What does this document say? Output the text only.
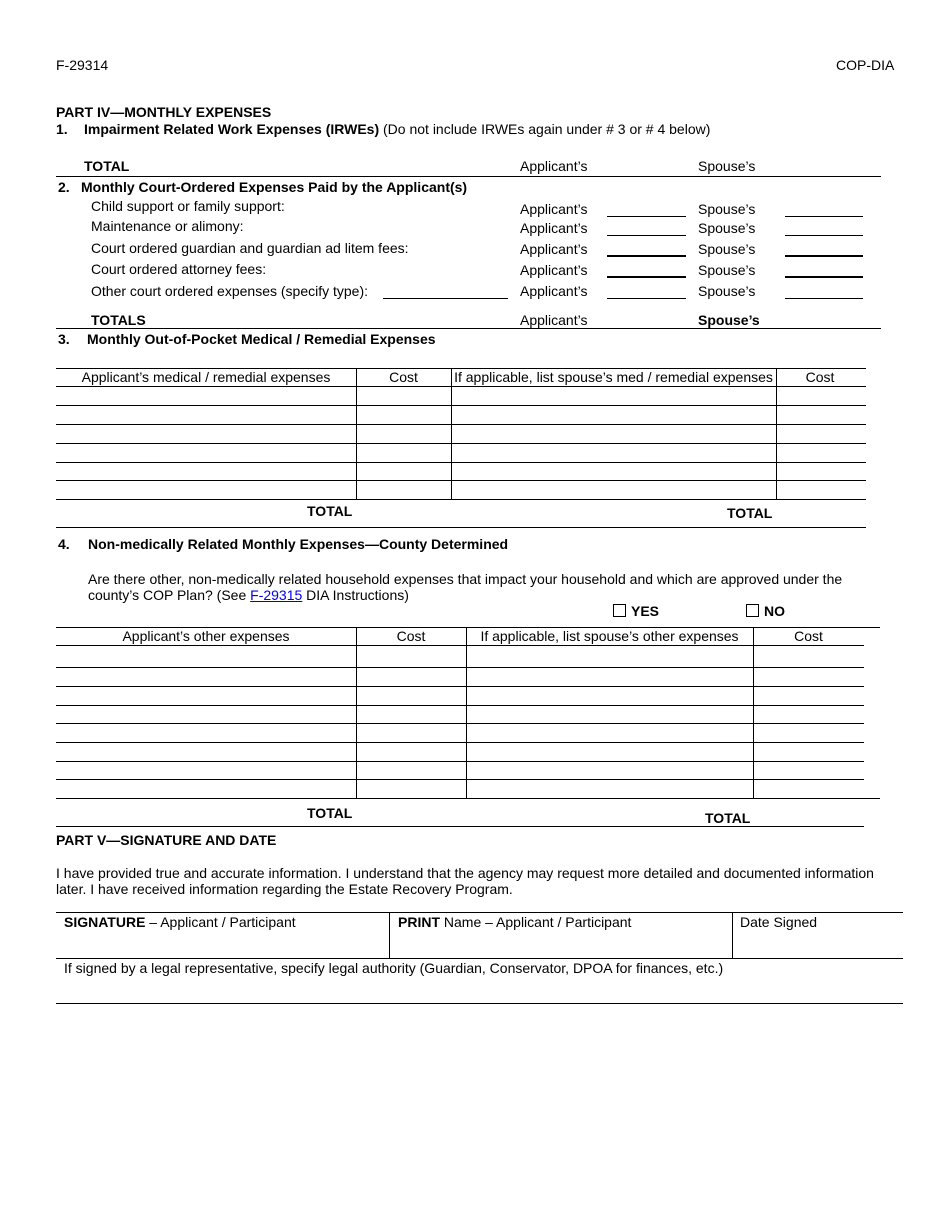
F-29314	COP-DIA
PART IV—MONTHLY EXPENSES
1. Impairment Related Work Expenses (IRWEs) (Do not include IRWEs again under # 3 or # 4 below)
TOTAL	Applicant’s	Spouse’s
2. Monthly Court-Ordered Expenses Paid by the Applicant(s)
Child support or family support:	Applicant’s	Spouse’s
Maintenance or alimony:	Applicant’s	Spouse’s
Court ordered guardian and guardian ad litem fees:	Applicant’s	Spouse’s
Court ordered attorney fees:	Applicant’s	Spouse’s
Other court ordered expenses (specify type):	Applicant’s	Spouse’s
TOTALS	Applicant’s	Spouse’s
3. Monthly Out-of-Pocket Medical / Remedial Expenses
Applicant’s medical / remedial expenses	Cost	If applicable, list spouse’s med / remedial expenses	Cost
TOTAL	TOTAL
4. Non-medically Related Monthly Expenses—County Determined
Are there other, non-medically related household expenses that impact your household and which are approved under the
county’s COP Plan? (See F-29315 DIA Instructions)
YES	NO
Applicant’s other expenses	Cost	If applicable, list spouse’s other expenses	Cost
TOTAL	TOTAL
PART V—SIGNATURE AND DATE
I have provided true and accurate information. I understand that the agency may request more detailed and documented information
later. I have received information regarding the Estate Recovery Program.
SIGNATURE – Applicant / Participant	PRINT Name – Applicant / Participant	Date Signed
If signed by a legal representative, specify legal authority (Guardian, Conservator, DPOA for finances, etc.)
